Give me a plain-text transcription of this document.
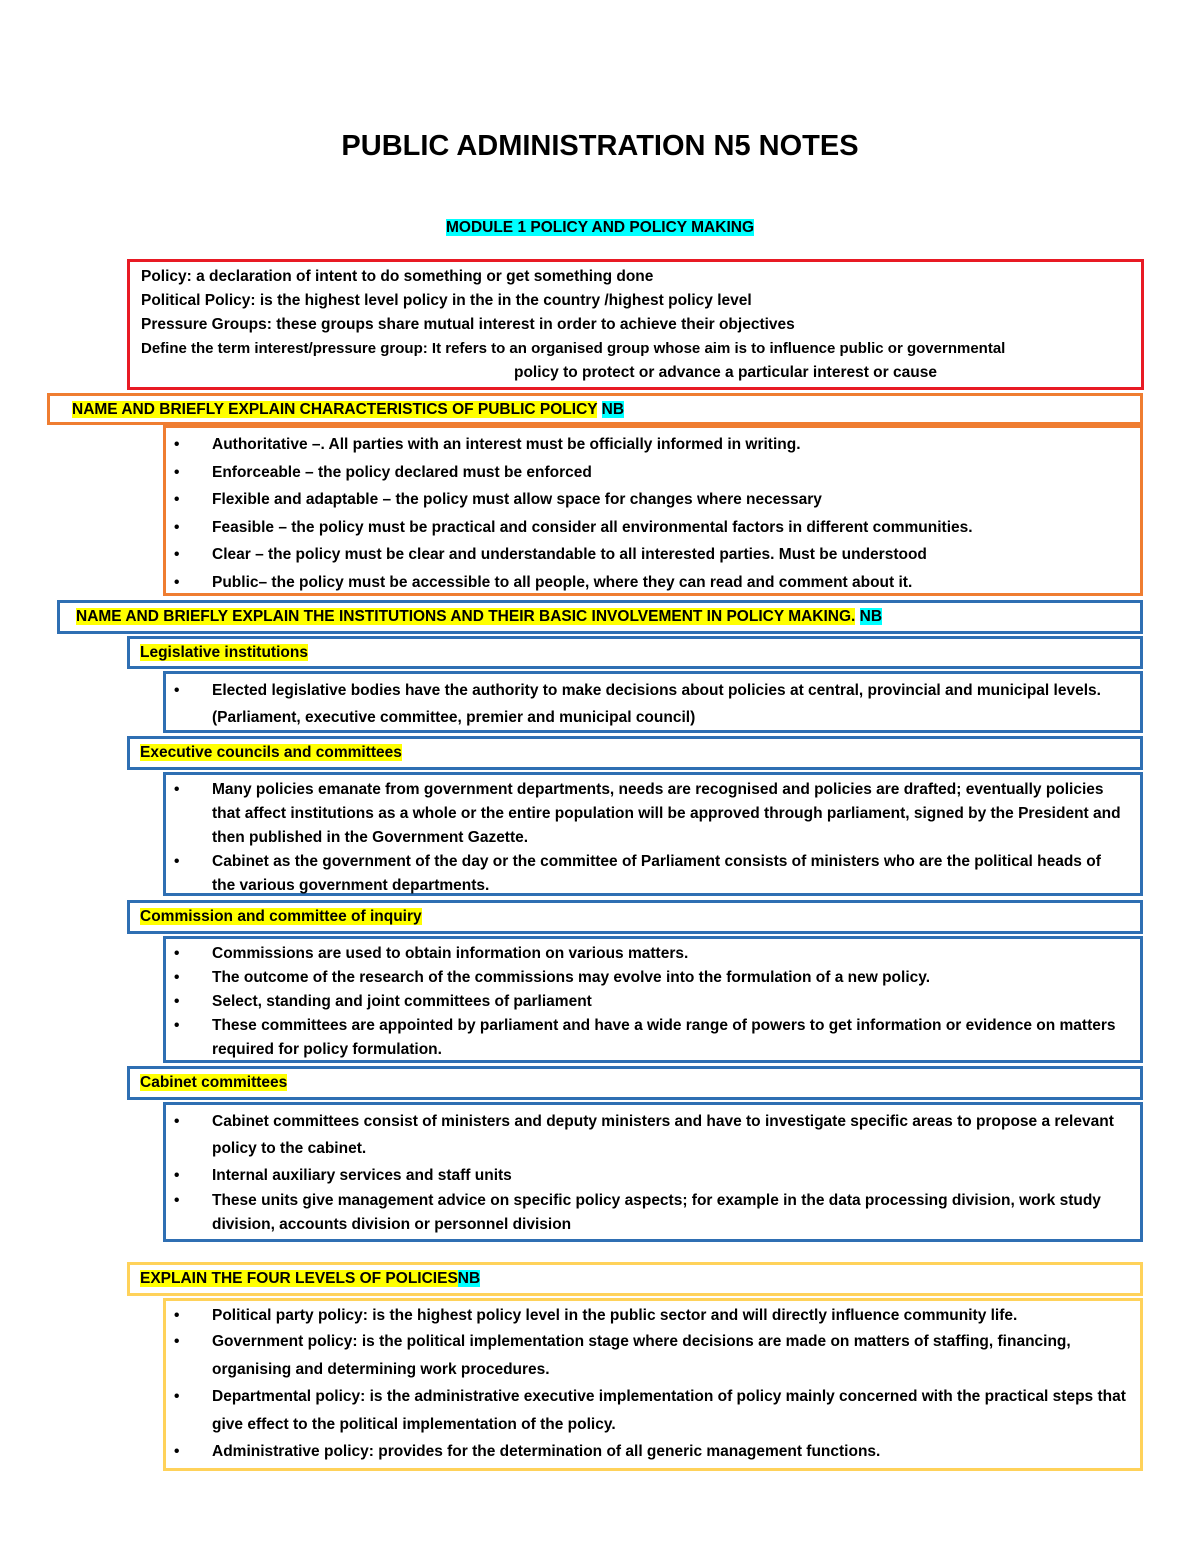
PUBLIC ADMINISTRATION N5 NOTES
MODULE 1 POLICY AND POLICY MAKING
Policy: a declaration of intent to do something or get something done
Political Policy: is the highest level policy in the in the country /highest policy level
Pressure Groups: these groups share mutual interest in order to achieve their objectives
Define the term interest/pressure group: It refers to an organised group whose aim is to influence public or governmental
policy to protect or advance a particular interest or cause
NAME AND BRIEFLY EXPLAIN CHARACTERISTICS OF PUBLIC POLICY NB
• Authoritative –. All parties with an interest must be officially informed in writing.
• Enforceable – the policy declared must be enforced
• Flexible and adaptable – the policy must allow space for changes where necessary
• Feasible – the policy must be practical and consider all environmental factors in different communities.
• Clear – the policy must be clear and understandable to all interested parties. Must be understood
• Public– the policy must be accessible to all people, where they can read and comment about it.
NAME AND BRIEFLY EXPLAIN THE INSTITUTIONS AND THEIR BASIC INVOLVEMENT IN POLICY MAKING. NB
Legislative institutions
• Elected legislative bodies have the authority to make decisions about policies at central, provincial and municipal levels. (Parliament, executive committee, premier and municipal council)
Executive councils and committees
• Many policies emanate from government departments, needs are recognised and policies are drafted; eventually policies that affect institutions as a whole or the entire population will be approved through parliament, signed by the President and then published in the Government Gazette.
• Cabinet as the government of the day or the committee of Parliament consists of ministers who are the political heads of the various government departments.
Commission and committee of inquiry
• Commissions are used to obtain information on various matters.
• The outcome of the research of the commissions may evolve into the formulation of a new policy.
• Select, standing and joint committees of parliament
• These committees are appointed by parliament and have a wide range of powers to get information or evidence on matters required for policy formulation.
Cabinet committees
• Cabinet committees consist of ministers and deputy ministers and have to investigate specific areas to propose a relevant policy to the cabinet.
• Internal auxiliary services and staff units
• These units give management advice on specific policy aspects; for example in the data processing division, work study division, accounts division or personnel division
EXPLAIN THE FOUR LEVELS OF POLICIESNB
• Political party policy: is the highest policy level in the public sector and will directly influence community life.
• Government policy: is the political implementation stage where decisions are made on matters of staffing, financing, organising and determining work procedures.
• Departmental policy: is the administrative executive implementation of policy mainly concerned with the practical steps that give effect to the political implementation of the policy.
• Administrative policy: provides for the determination of all generic management functions.
